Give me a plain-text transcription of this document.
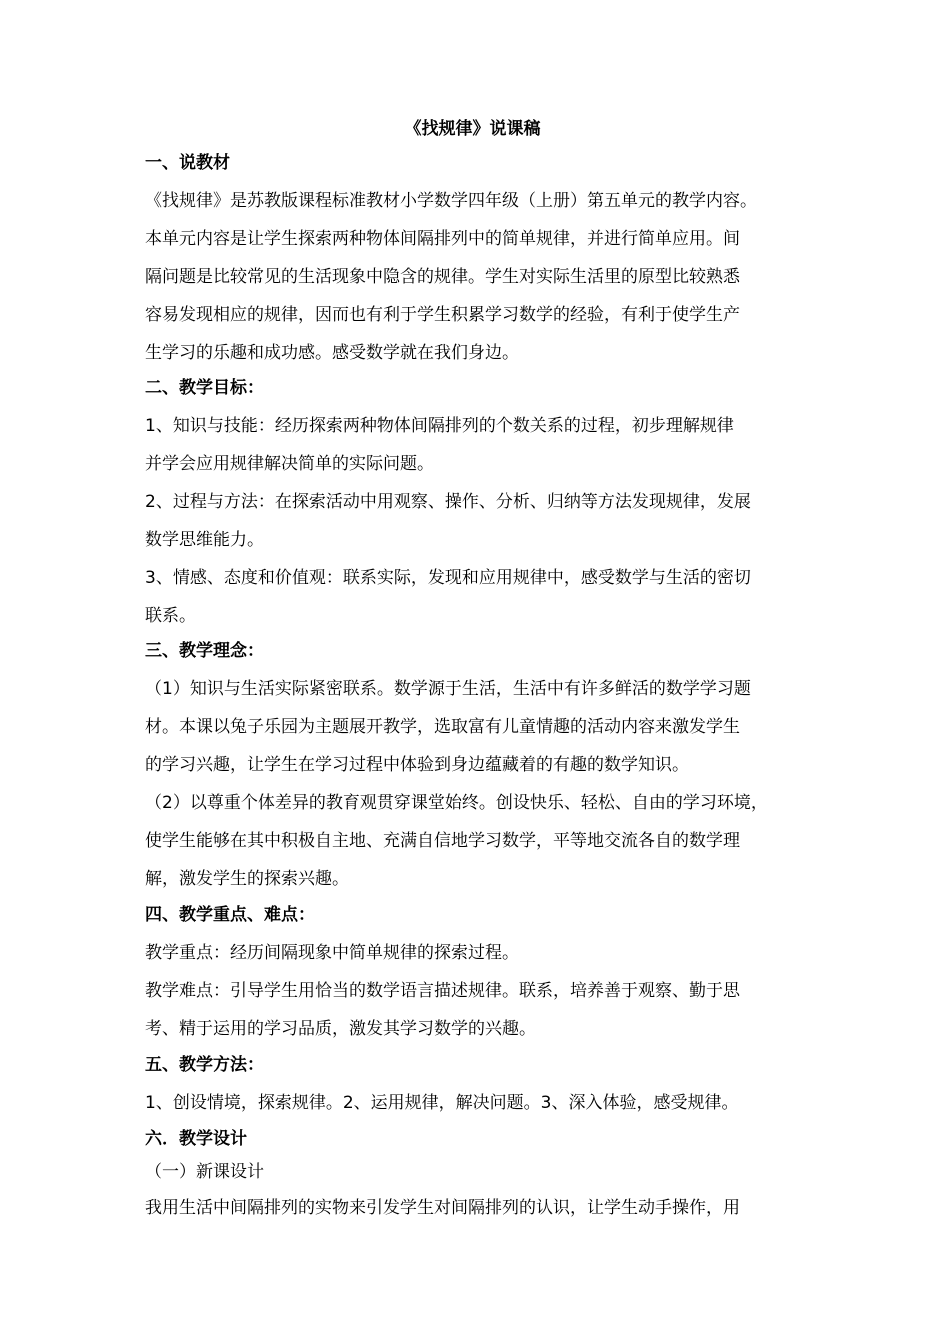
《找规律》说课稿
一、说教材
《找规律》是苏教版课程标准教材小学数学四年级（上册）第五单元的教学内容。
本单元内容是让学生探索两种物体间隔排列中的简单规律，并进行简单应用。间
隔问题是比较常见的生活现象中隐含的规律。学生对实际生活里的原型比较熟悉
容易发现相应的规律，因而也有利于学生积累学习数学的经验，有利于使学生产
生学习的乐趣和成功感。感受数学就在我们身边。
二、教学目标：
1、知识与技能：经历探索两种物体间隔排列的个数关系的过程，初步理解规律
并学会应用规律解决简单的实际问题。
2、过程与方法：在探索活动中用观察、操作、分析、归纳等方法发现规律，发展
数学思维能力。
3、情感、态度和价值观：联系实际，发现和应用规律中，感受数学与生活的密切
联系。
三、教学理念：
（1）知识与生活实际紧密联系。数学源于生活，生活中有许多鲜活的数学学习题
材。本课以兔子乐园为主题展开教学，选取富有儿童情趣的活动内容来激发学生
的学习兴趣，让学生在学习过程中体验到身边蕴藏着的有趣的数学知识。
（2）以尊重个体差异的教育观贯穿课堂始终。创设快乐、轻松、自由的学习环境，
使学生能够在其中积极自主地、充满自信地学习数学，平等地交流各自的数学理
解，激发学生的探索兴趣。
四、教学重点、难点：
教学重点：经历间隔现象中简单规律的探索过程。
教学难点：引导学生用恰当的数学语言描述规律。联系，培养善于观察、勤于思
考、精于运用的学习品质，激发其学习数学的兴趣。
五、教学方法：
1、创设情境，探索规律。2、运用规律，解决问题。3、深入体验，感受规律。
六．教学设计
（一）新课设计
我用生活中间隔排列的实物来引发学生对间隔排列的认识，让学生动手操作，用
